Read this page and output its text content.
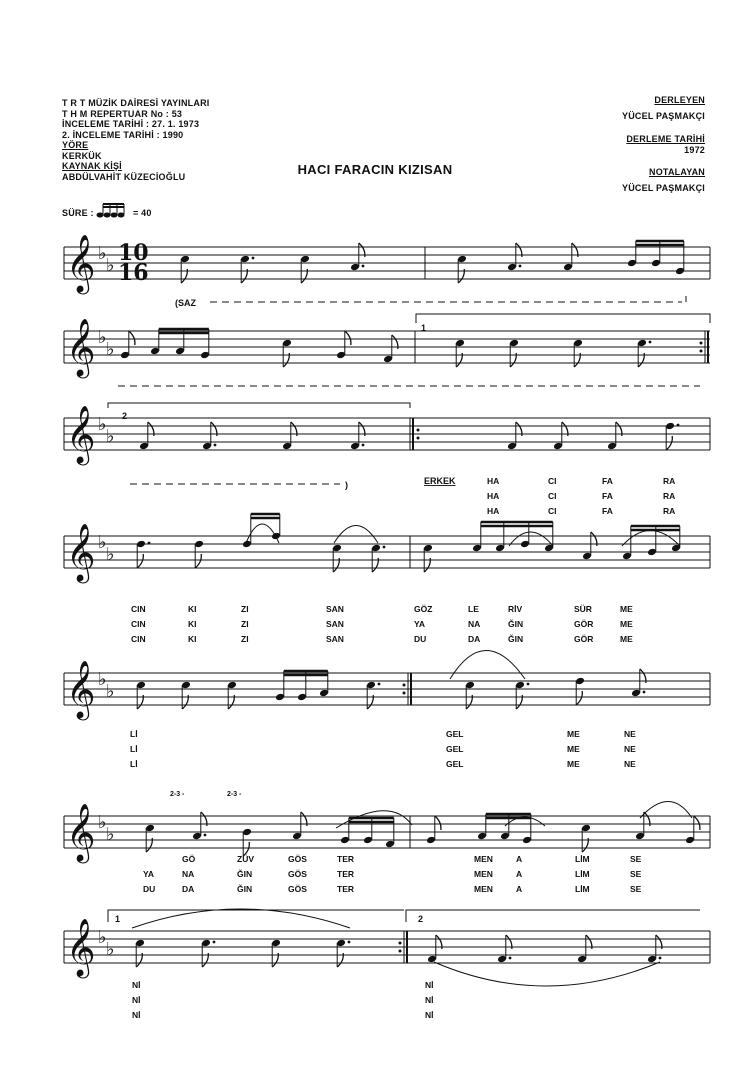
T R T MÜZİK DAİRESİ YAYINLARI
T H M REPERTUAR No : 53
İNCELEME TARİHİ : 27. 1. 1973
2. İNCELEME TARİHİ : 1990
YÖRE
KERKÜK
KAYNAK KİŞİ
ABDÜLVAHİT KÜZECİOĞLU
SÜRE :	= 40
DERLEYEN
YÜCEL PAŞMAKÇI
DERLEME TARİHİ
1972
NOTALAYAN
YÜCEL PAŞMAKÇI
HACI FARACIN KIZISAN
𝄞 ♭
♭
𝄞 ♭
♭
𝄞 ♭
♭
𝄞 ♭
♭
𝄞 ♭
♭
𝄞 ♭
♭
𝄞 ♭
♭
(SAZ
)
1
2
1	2
2-3 -	2-3 -
10
16
ERKEK	HA	CI	FA	RA
HA	CI	FA	RA
HA	CI	FA	RA
CIN	KI	ZI	SAN	GÖZ	LE	RİV	SÜR	ME
CIN	KI	ZI	SAN	YA	NA	ĞIN	GÖR	ME
CIN	KI	ZI	SAN	DU	DA	ĞIN	GÖR	ME
Lİ	GEL	ME	NE
Lİ	GEL	ME	NE
Lİ	GEL	ME	NE
GÖ	ZÜV	GÖS	TER	MEN	A	LİM	SE
YA	NA	ĞIN	GÖS	TER	MEN	A	LİM	SE
DU	DA	ĞIN	GÖS	TER	MEN	A	LİM	SE
Nİ	Nİ
Nİ	Nİ
Nİ	Nİ
